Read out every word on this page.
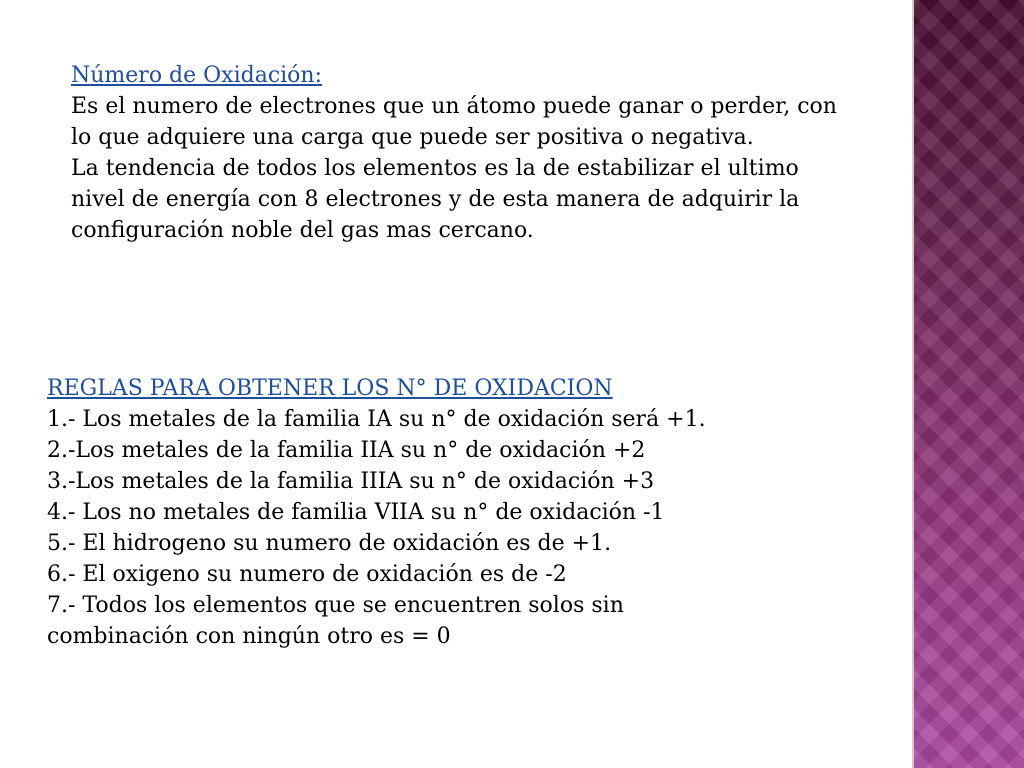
Número de Oxidación:
Es el numero de electrones que un átomo puede ganar o perder, con lo que adquiere una carga que puede ser positiva o negativa.
La tendencia de todos los elementos es la de estabilizar el ultimo nivel de energía con 8 electrones y de esta manera de adquirir la configuración noble del gas mas cercano.
REGLAS PARA OBTENER LOS N° DE OXIDACION
1.- Los metales de la familia IA su n° de oxidación será +1.
2.-Los metales de la familia IIA su n° de oxidación +2
3.-Los metales de la familia IIIA su n° de oxidación +3
4.- Los no metales de familia VIIA su n° de oxidación -1
5.- El hidrogeno su numero de oxidación es de +1.
6.- El oxigeno su numero de oxidación es de -2
7.- Todos los elementos que se encuentren solos sin combinación con ningún otro es = 0
